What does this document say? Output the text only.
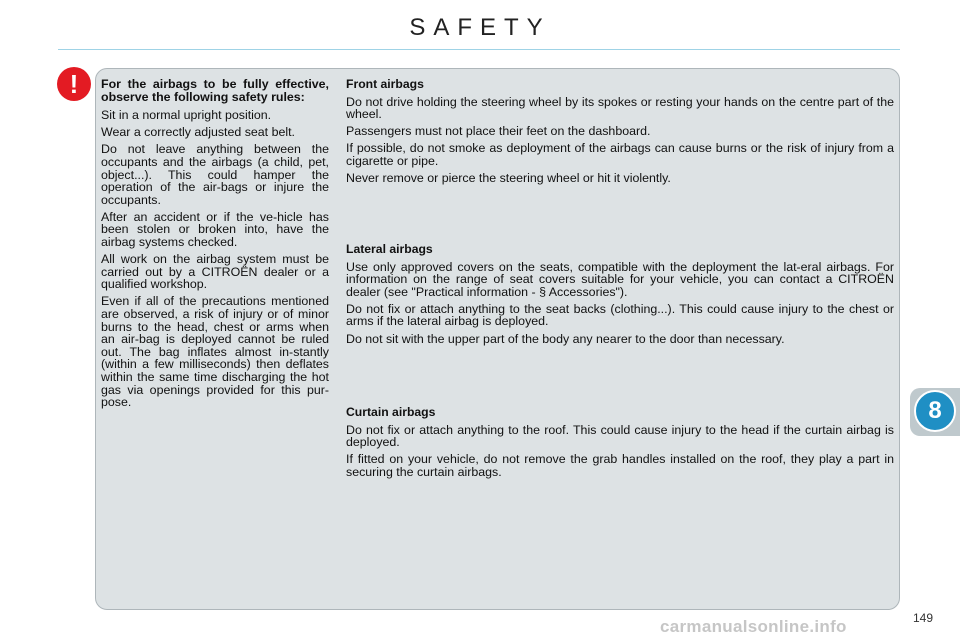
SAFETY
!	For the airbags to be fully effective, observe the following safety rules:

Sit in a normal upright position.

Wear a correctly adjusted seat belt.

Do not leave anything between the occupants and the airbags (a child, pet, object...). This could hamper the operation of the air-bags or injure the occupants.

After an accident or if the ve-hicle has been stolen or broken into, have the airbag systems checked.

All work on the airbag system must be carried out by a CITROËN dealer or a qualified workshop.

Even if all of the precautions mentioned are observed, a risk of injury or of minor burns to the head, chest or arms when an air-bag is deployed cannot be ruled out. The bag inflates almost in-stantly (within a few milliseconds) then deflates within the same time discharging the hot gas via openings provided for this pur-pose.

Front airbags

Do not drive holding the steering wheel by its spokes or resting your hands on the centre part of the wheel.

Passengers must not place their feet on the dashboard.

If possible, do not smoke as deployment of the airbags can cause burns or the risk of injury from a cigarette or pipe.

Never remove or pierce the steering wheel or hit it violently.

Lateral airbags

Use only approved covers on the seats, compatible with the deployment the lat-eral airbags. For information on the range of seat covers suitable for your vehicle, you can contact a CITROËN dealer (see "Practical information - § Accessories").

Do not fix or attach anything to the seat backs (clothing...). This could cause injury to the chest or arms if the lateral airbag is deployed.

Do not sit with the upper part of the body any nearer to the door than necessary.

Curtain airbags

Do not fix or attach anything to the roof. This could cause injury to the head if the curtain airbag is deployed.

If fitted on your vehicle, do not remove the grab handles installed on the roof, they play a part in securing the curtain airbags.

8
149
carmanualsonline.info
